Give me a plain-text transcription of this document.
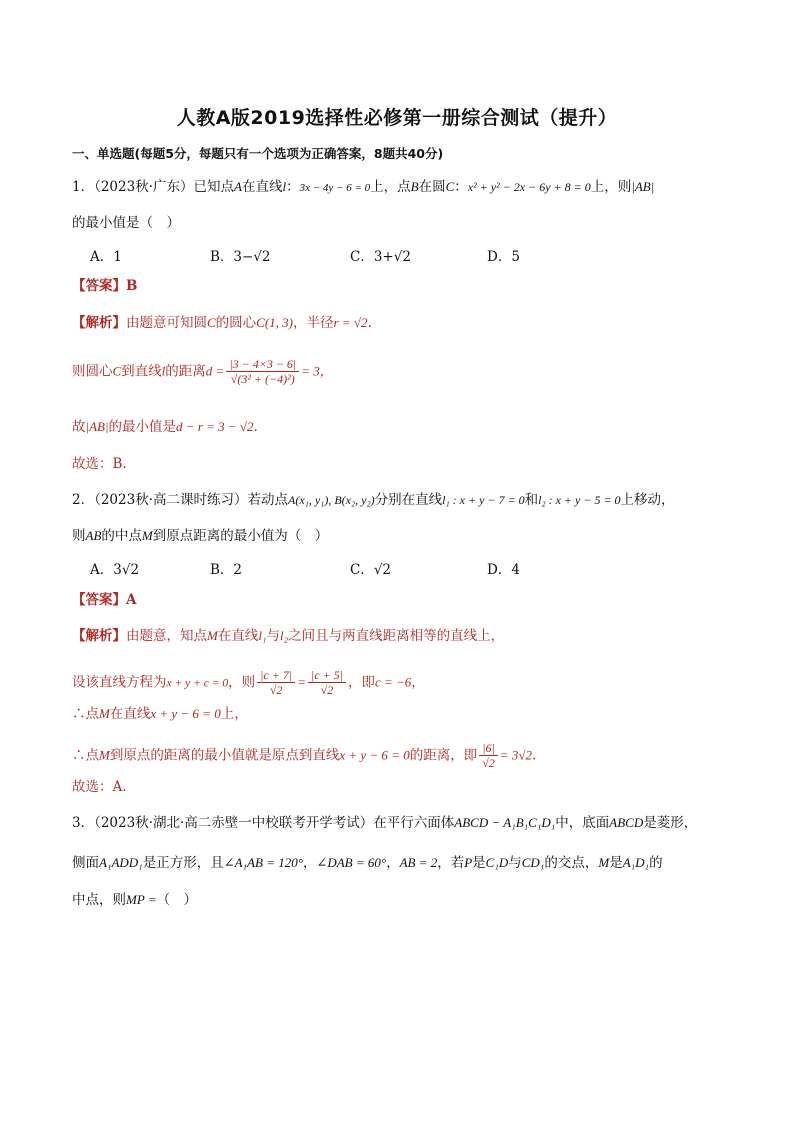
人教A版2019选择性必修第一册综合测试（提升）
一、单选题(每题5分，每题只有一个选项为正确答案，8题共40分)
1．（2023秋·广东）已知点A在直线l：3x − 4y − 6 = 0上，点B在圆C：x² + y² − 2x − 6y + 8 = 0上，则|AB|
的最小值是（　）
A．1	B．3−√2	C．3+√2	D．5
【答案】B
【解析】由题意可知圆C的圆心C(1, 3)，半径r = √2.
则圆心C到直线l的距离$d = \frac{|3 - 4\times 3 - 6|}{\text{√(3² + (−4)²)}} = 3$，
故|AB|的最小值是d − r = 3 − √2.
故选：B.
2．（2023秋·高二课时练习）若动点A(x₁, y₁), B(x₂, y₂)分别在直线l₁ : x + y − 7 = 0和l₂ : x + y − 5 = 0上移动，
则AB的中点M到原点距离的最小值为（　）
A．3√2	B．2	C．√2	D．4
【答案】A
【解析】由题意，知点M在直线l₁与l₂之间且与两直线距离相等的直线上，
设该直线方程为x + y + c = 0，则 $\frac{|c + 7|}{√2} = \frac{|c + 5|}{√2}$ ，即c = −6，
∴点M在直线x + y − 6 = 0上，
∴点M到原点的距离的最小值就是原点到直线x + y − 6 = 0的距离，即 $\frac{|6|}{√2} = 3√2$.
故选：A.
3．（2023秋·湖北·高二赤壁一中校联考开学考试）在平行六面体ABCD − A₁B₁C₁D₁中，底面ABCD是菱形，
侧面A₁ADD₁是正方形，且∠A₁AB = 120°，∠DAB = 60°，AB = 2，若P是C₁D与CD₁的交点，M是A₁D₁的
中点，则MP =（　）
